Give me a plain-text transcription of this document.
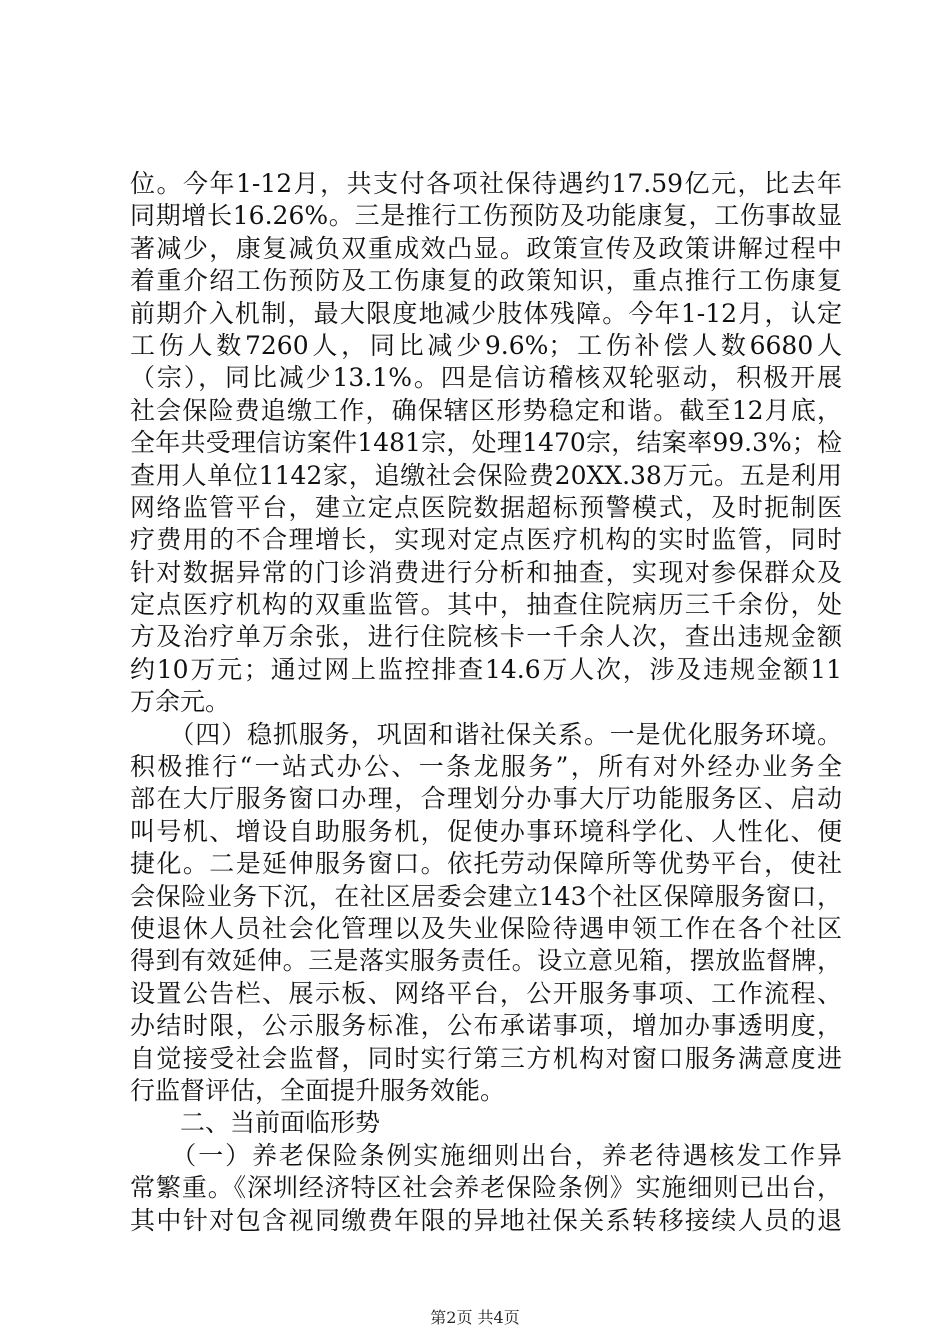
位。今年1-12月，共支付各项社保待遇约17.59亿元，比去年
同期增长16.26%。三是推行工伤预防及功能康复，工伤事故显
著减少，康复减负双重成效凸显。政策宣传及政策讲解过程中
着重介绍工伤预防及工伤康复的政策知识，重点推行工伤康复
前期介入机制，最大限度地减少肢体残障。今年1-12月，认定
工伤人数7260人，同比减少9.6%；工伤补偿人数6680人
（宗），同比减少13.1%。四是信访稽核双轮驱动，积极开展
社会保险费追缴工作，确保辖区形势稳定和谐。截至12月底，
全年共受理信访案件1481宗，处理1470宗，结案率99.3%；检
查用人单位1142家，追缴社会保险费20XX.38万元。五是利用
网络监管平台，建立定点医院数据超标预警模式，及时扼制医
疗费用的不合理增长，实现对定点医疗机构的实时监管，同时
针对数据异常的门诊消费进行分析和抽查，实现对参保群众及
定点医疗机构的双重监管。其中，抽查住院病历三千余份，处
方及治疗单万余张，进行住院核卡一千余人次，查出违规金额
约10万元；通过网上监控排查14.6万人次，涉及违规金额11
万余元。
　　（四）稳抓服务，巩固和谐社保关系。一是优化服务环境。
积极推行“一站式办公、一条龙服务”，所有对外经办业务全
部在大厅服务窗口办理，合理划分办事大厅功能服务区、启动
叫号机、增设自助服务机，促使办事环境科学化、人性化、便
捷化。二是延伸服务窗口。依托劳动保障所等优势平台，使社
会保险业务下沉，在社区居委会建立143个社区保障服务窗口，
使退休人员社会化管理以及失业保险待遇申领工作在各个社区
得到有效延伸。三是落实服务责任。设立意见箱，摆放监督牌，
设置公告栏、展示板、网络平台，公开服务事项、工作流程、
办结时限，公示服务标准，公布承诺事项，增加办事透明度，
自觉接受社会监督，同时实行第三方机构对窗口服务满意度进
行监督评估，全面提升服务效能。
　　二、当前面临形势
　　（一）养老保险条例实施细则出台，养老待遇核发工作异
常繁重。《深圳经济特区社会养老保险条例》实施细则已出台，
其中针对包含视同缴费年限的异地社保关系转移接续人员的退
第2页 共4页
